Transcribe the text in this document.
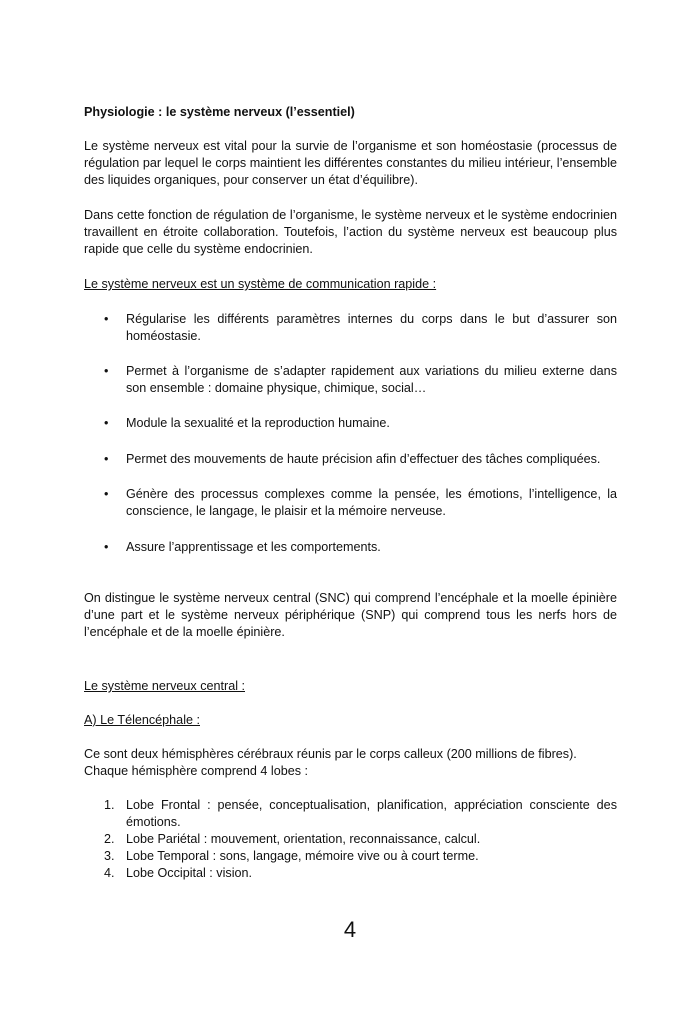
Physiologie : le système nerveux (l’essentiel)

Le système nerveux est vital pour la survie de l’organisme et son homéostasie (processus de régulation par lequel le corps maintient les différentes constantes du milieu intérieur, l’ensemble des liquides organiques, pour conserver un état d’équilibre).

Dans cette fonction de régulation de l’organisme, le système nerveux et le système endocrinien travaillent en étroite collaboration. Toutefois, l’action du système nerveux est beaucoup plus rapide que celle du système endocrinien.

Le système nerveux est un système de communication rapide :

•	Régularise les différents paramètres internes du corps dans le but d’assurer son homéostasie.
•	Permet à l’organisme de s’adapter rapidement aux variations du milieu externe dans son ensemble : domaine physique, chimique, social…
•	Module la sexualité et la reproduction humaine.
•	Permet des mouvements de haute précision afin d’effectuer des tâches compliquées.
•	Génère des processus complexes comme la pensée, les émotions, l’intelligence, la conscience, le langage, le plaisir et la mémoire nerveuse.
•	Assure l’apprentissage et les comportements.

On distingue le système nerveux central (SNC) qui comprend l’encéphale et la moelle épinière d’une part et le système nerveux périphérique (SNP) qui comprend tous les nerfs hors de l’encéphale et de la moelle épinière.

Le système nerveux central :

A) Le Télencéphale :

Ce sont deux hémisphères cérébraux réunis par le corps calleux (200 millions de fibres).

Chaque hémisphère comprend 4 lobes :

1. Lobe Frontal : pensée, conceptualisation, planification, appréciation consciente des émotions.
2. Lobe Pariétal : mouvement, orientation, reconnaissance, calcul.
3. Lobe Temporal : sons, langage, mémoire vive ou à court terme.
4. Lobe Occipital : vision.
4
